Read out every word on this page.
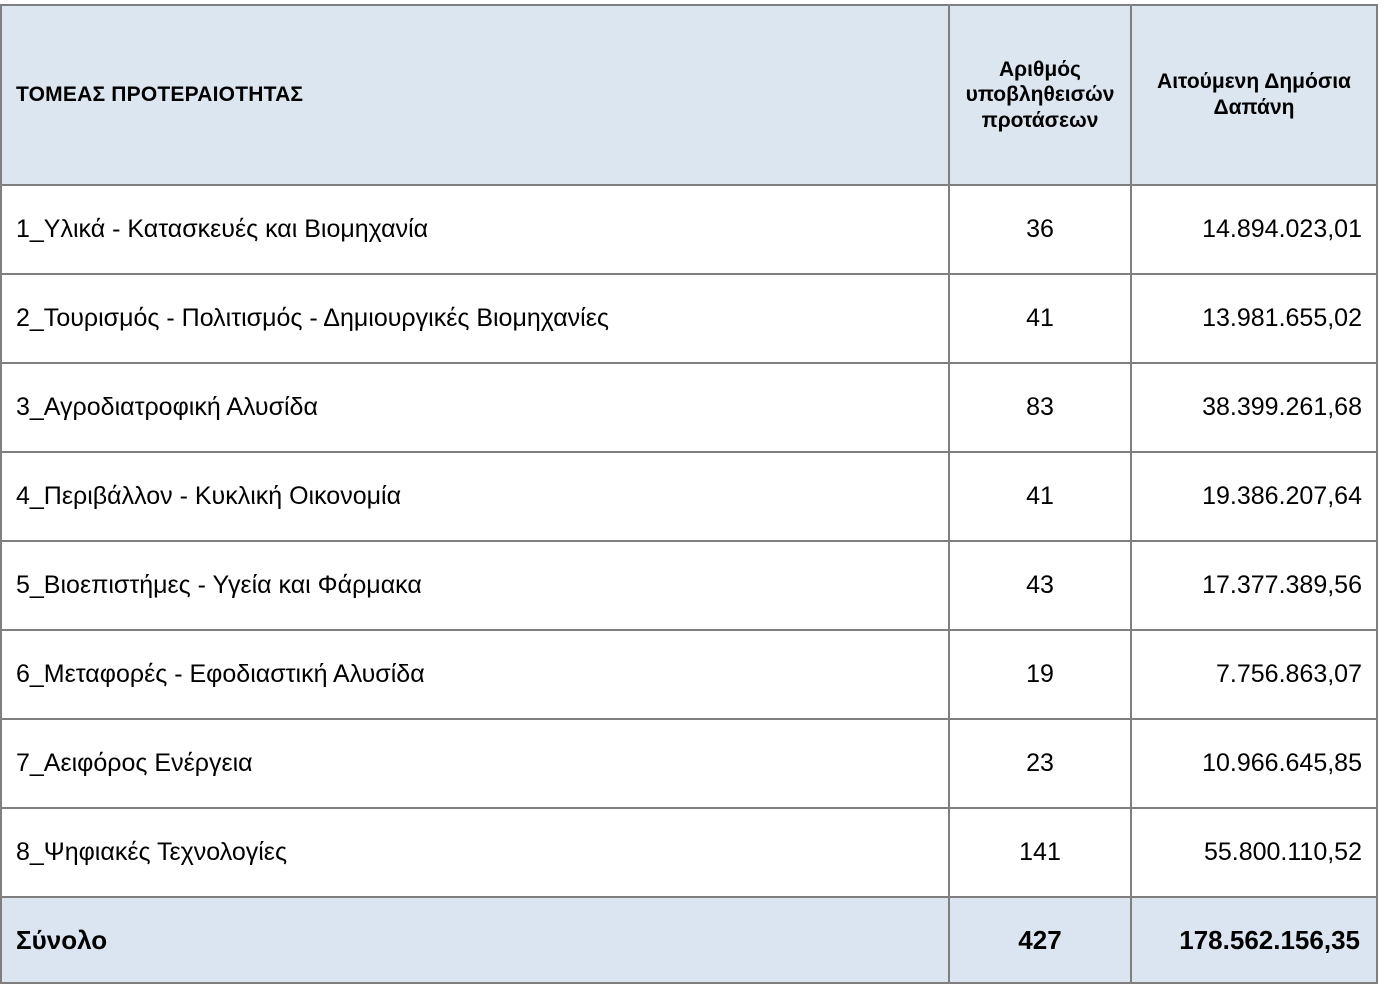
ΤΟΜΕΑΣ ΠΡΟΤΕΡΑΙΟΤΗΤΑΣ	Αριθμός υποβληθεισών προτάσεων	Αιτούμενη Δημόσια Δαπάνη
1_Υλικά - Κατασκευές και Βιομηχανία	36	14.894.023,01
2_Τουρισμός - Πολιτισμός - Δημιουργικές Βιομηχανίες	41	13.981.655,02
3_Αγροδιατροφική Αλυσίδα	83	38.399.261,68
4_Περιβάλλον - Κυκλική Οικονομία	41	19.386.207,64
5_Βιοεπιστήμες - Υγεία και Φάρμακα	43	17.377.389,56
6_Μεταφορές - Εφοδιαστική Αλυσίδα	19	7.756.863,07
7_Αειφόρος Ενέργεια	23	10.966.645,85
8_Ψηφιακές Τεχνολογίες	141	55.800.110,52
Σύνολο	427	178.562.156,35
